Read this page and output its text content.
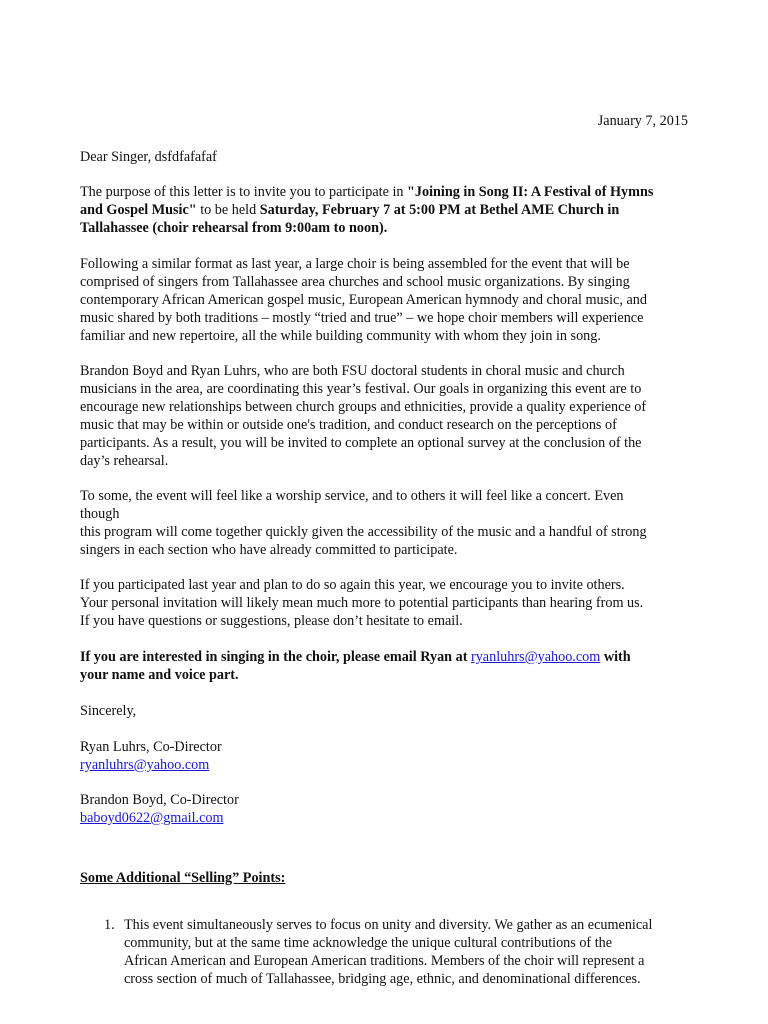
January 7, 2015
Dear Singer, dsfdfafafaf
The purpose of this letter is to invite you to participate in "Joining in Song II: A Festival of Hymns
and Gospel Music" to be held Saturday, February 7 at 5:00 PM at Bethel AME Church in
Tallahassee (choir rehearsal from 9:00am to noon).
Following a similar format as last year, a large choir is being assembled for the event that will be
comprised of singers from Tallahassee area churches and school music organizations. By singing
contemporary African American gospel music, European American hymnody and choral music, and
music shared by both traditions – mostly “tried and true” – we hope choir members will experience
familiar and new repertoire, all the while building community with whom they join in song.
Brandon Boyd and Ryan Luhrs, who are both FSU doctoral students in choral music and church
musicians in the area, are coordinating this year’s festival. Our goals in organizing this event are to
encourage new relationships between church groups and ethnicities, provide a quality experience of
music that may be within or outside one's tradition, and conduct research on the perceptions of
participants. As a result, you will be invited to complete an optional survey at the conclusion of the
day’s rehearsal.
To some, the event will feel like a worship service, and to others it will feel like a concert. Even
though
this program will come together quickly given the accessibility of the music and a handful of strong
singers in each section who have already committed to participate.
If you participated last year and plan to do so again this year, we encourage you to invite others.
Your personal invitation will likely mean much more to potential participants than hearing from us.
If you have questions or suggestions, please don’t hesitate to email.
If you are interested in singing in the choir, please email Ryan at ryanluhrs@yahoo.com with
your name and voice part.
Sincerely,
Ryan Luhrs, Co-Director
ryanluhrs@yahoo.com
Brandon Boyd, Co-Director
baboyd0622@gmail.com
Some Additional “Selling” Points:
1. This event simultaneously serves to focus on unity and diversity. We gather as an ecumenical
community, but at the same time acknowledge the unique cultural contributions of the
African American and European American traditions. Members of the choir will represent a
cross section of much of Tallahassee, bridging age, ethnic, and denominational differences.
